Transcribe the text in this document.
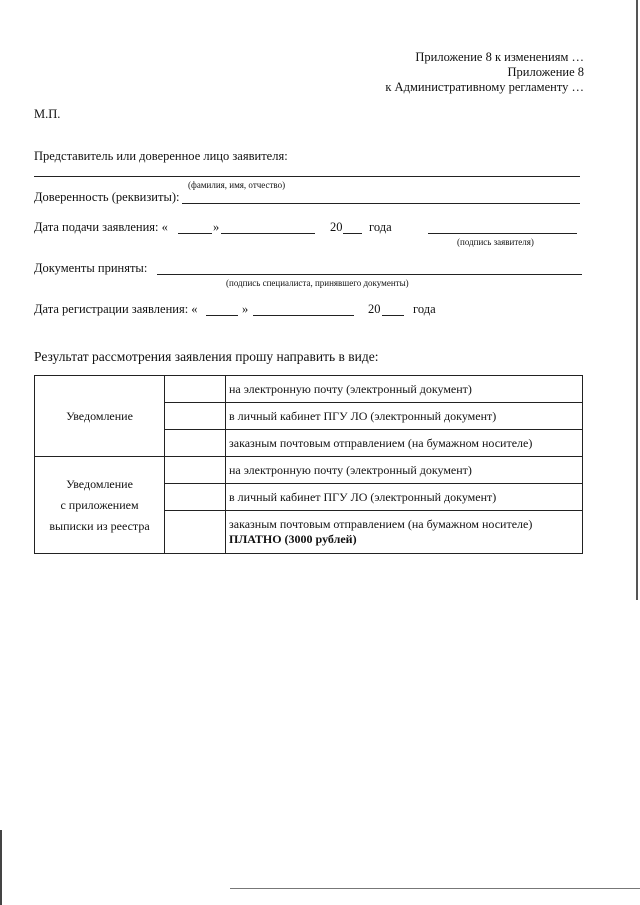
Приложение 8 к изменениям …
Приложение 8
к Административному регламенту …
М.П.
Представитель или доверенное лицо заявителя:
(фамилия, имя, отчество)
Доверенность (реквизиты):
Дата подачи заявления: «	»	20 года
(подпись заявителя)
Документы приняты:
(подпись специалиста, принявшего документы)
Дата регистрации заявления: «	»	20	года
Результат рассмотрения заявления прошу направить в виде:
Уведомление		на электронную почту (электронный документ)
		в личный кабинет ПГУ ЛО (электронный документ)
		заказным почтовым отправлением (на бумажном носителе)

Уведомление
с приложением
выписки из реестра		на электронную почту (электронный документ)
		в личный кабинет ПГУ ЛО (электронный документ)

		заказным почтовым отправлением (на бумажном носителе)
ПЛАТНО (3000 рублей)
